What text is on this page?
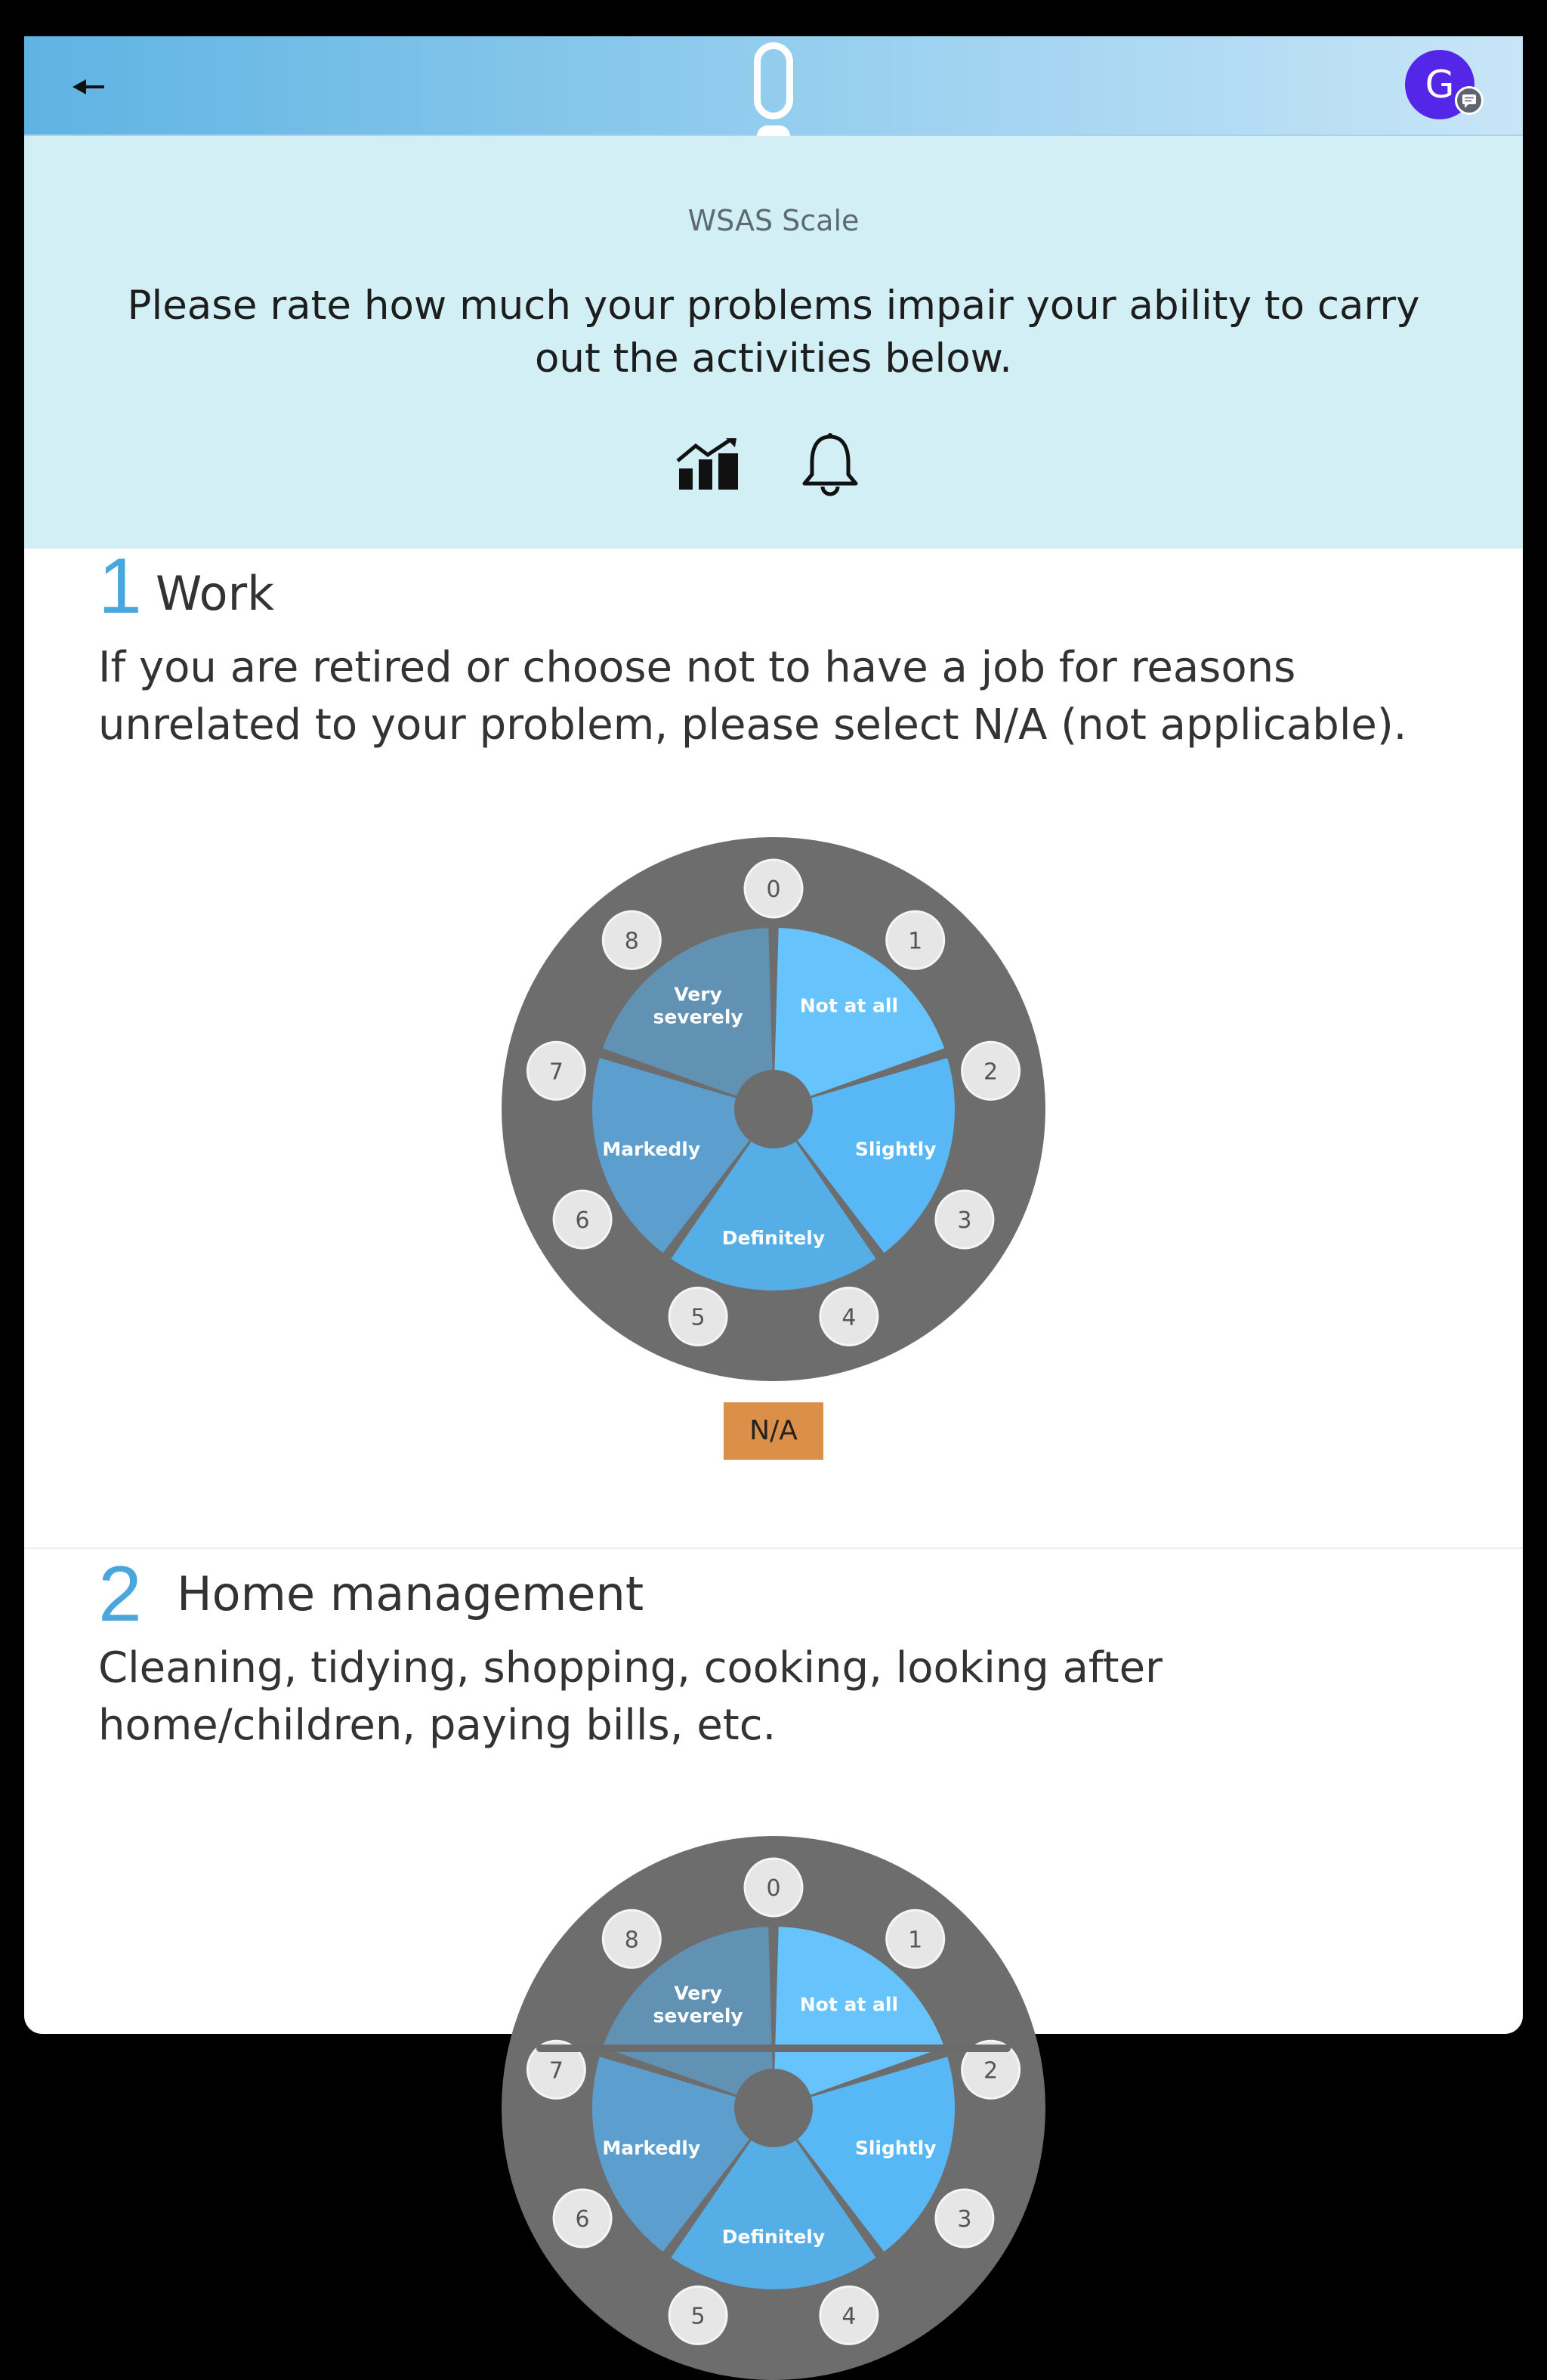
G
WSAS Scale
Please rate how much your problems impair your ability to carry out the activities below.
1 Work
If you are retired or choose not to have a job for reasons unrelated to your problem, please select N/A (not applicable).
Not at all
Slightly
Definitely
Markedly
Very severely
0
1
2
3
4
5
6
7
8
N/A
2 Home management
Cleaning, tidying, shopping, cooking, looking after home/children, paying bills, etc.
Not at all
Slightly
Definitely
Markedly
Very severely
0
1
2
3
4
5
6
7
8
